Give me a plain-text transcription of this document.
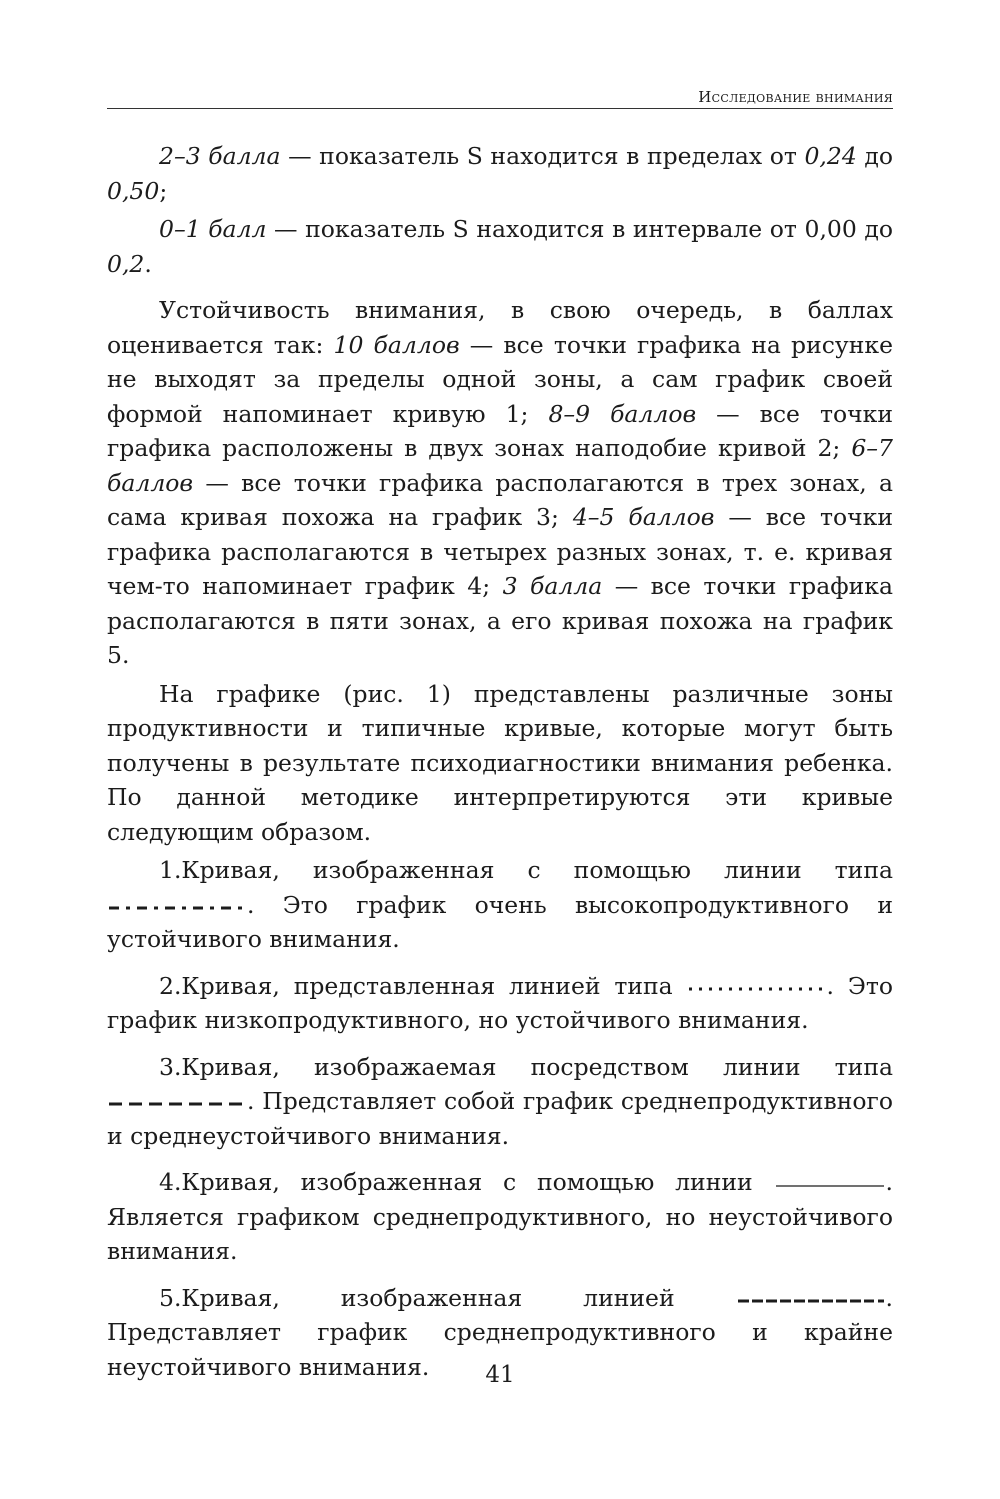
Исследование внимания

2–3 балла — показатель S находится в пределах от 0,24 до 0,50;

0–1 балл — показатель S находится в интервале от 0,00 до 0,2.

Устойчивость внимания, в свою очередь, в баллах оценивается так: 10 баллов — все точки графика на рисунке не выходят за пределы одной зоны, а сам график своей формой напоминает кривую 1; 8–9 баллов — все точки графика расположены в двух зонах наподобие кривой 2; 6–7 баллов — все точки графика располагаются в трех зонах, а сама кривая похожа на график 3; 4–5 баллов — все точки графика располагаются в четырех разных зонах, т. е. кривая чем-то напоминает график 4; 3 балла — все точки графика располагаются в пяти зонах, а его кривая похожа на график 5.

На графике (рис. 1) представлены различные зоны продуктивности и типичные кривые, которые могут быть получены в результате психодиагностики внимания ребенка. По данной методике интерпретируются эти кривые следующим образом.

1.Кривая, изображенная с помощью линии типа . Это график очень высокопродуктивного и устойчивого внимания.

2.Кривая, представленная линией типа	. Это график низкопродуктивного, но устойчивого внимания.

3.Кривая, изображаемая посредством линии типа . Представляет собой график среднепродуктивного и среднеустойчивого внимания.

4.Кривая, изображенная с помощью линии	. Является графиком среднепродуктивного, но неустойчивого внимания.

5.Кривая, изображенная линией	. Представляет график среднепродуктивного и крайне неустойчивого внимания.	41
